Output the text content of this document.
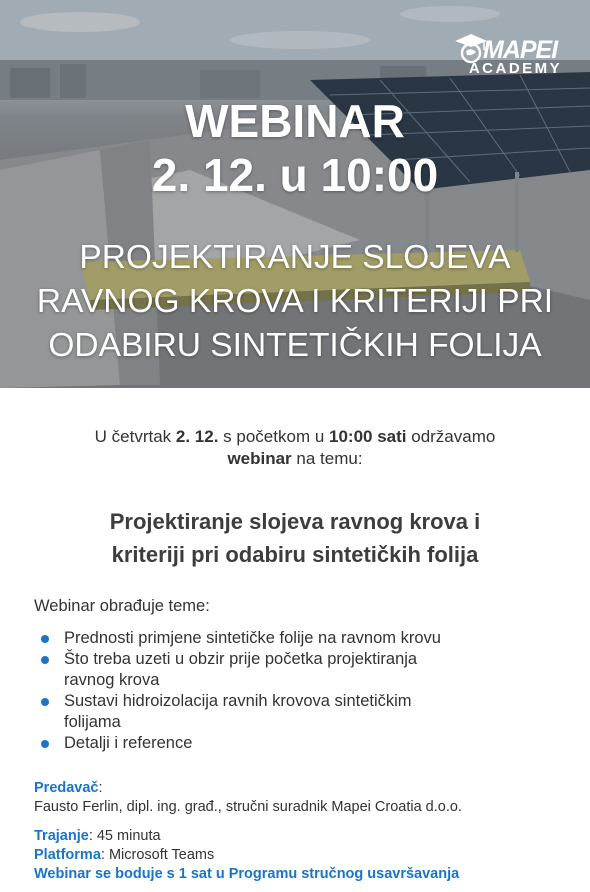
MAPEI
ACADEMY
WEBINAR
2. 12. u 10:00
PROJEKTIRANJE SLOJEVA
RAVNOG KROVA I KRITERIJI PRI
ODABIRU SINTETIČKIH FOLIJA
U četvrtak 2. 12. s početkom u 10:00 sati održavamo
webinar na temu:
Projektiranje slojeva ravnog krova i
kriteriji pri odabiru sintetičkih folija
Webinar obrađuje teme:
Prednosti primjene sintetičke folije na ravnom krovu
Što treba uzeti u obzir prije početka projektiranja
ravnog krova
Sustavi hidroizolacija ravnih krovova sintetičkim
folijama
Detalji i reference
Predavač:
Fausto Ferlin, dipl. ing. građ., stručni suradnik Mapei Croatia d.o.o.
Trajanje: 45 minuta
Platforma: Microsoft Teams
Webinar se boduje s 1 sat u Programu stručnog usavršavanja
